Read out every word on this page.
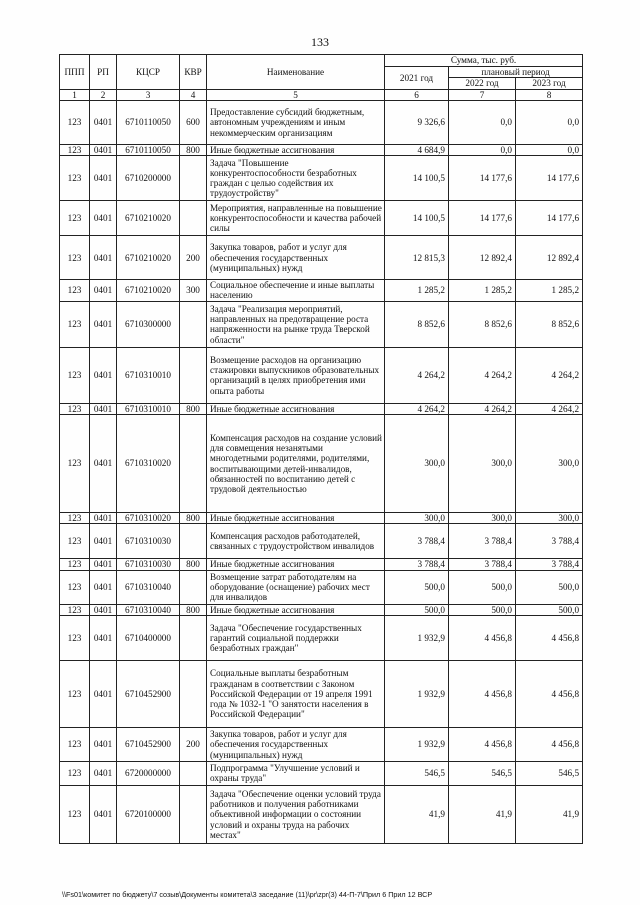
133
ППП	РП	КЦСР	КВР	Наименование	Сумма, тыс. руб.		
					2021 год	плановый период	
						2022 год	2023 год
1	2	3	4	5	6	7	8
123	0401	6710110050	600	Предоставление субсидий бюджетным, автономным учреждениям и иным некоммерческим организациям	9 326,6	0,0	0,0
123	0401	6710110050	800	Иные бюджетные ассигнования	4 684,9	0,0	0,0
123	0401	6710200000		Задача "Повышение конкурентоспособности безработных граждан с целью содействия их трудоустройству"	14 100,5	14 177,6	14 177,6
123	0401	6710210020		Мероприятия, направленные на повышение конкурентоспособности и качества рабочей силы	14 100,5	14 177,6	14 177,6
123	0401	6710210020	200	Закупка товаров, работ и услуг для обеспечения государственных (муниципальных) нужд	12 815,3	12 892,4	12 892,4
123	0401	6710210020	300	Социальное обеспечение и иные выплаты населению	1 285,2	1 285,2	1 285,2
123	0401	6710300000		Задача "Реализация мероприятий, направленных на предотвращение роста напряженности на рынке труда Тверской области"	8 852,6	8 852,6	8 852,6
123	0401	6710310010		Возмещение расходов на организацию стажировки выпускников образовательных организаций в целях приобретения ими опыта работы	4 264,2	4 264,2	4 264,2
123	0401	6710310010	800	Иные бюджетные ассигнования	4 264,2	4 264,2	4 264,2
123	0401	6710310020		Компенсация расходов на создание условий для совмещения незанятыми многодетными родителями, родителями, воспитывающими детей-инвалидов, обязанностей по воспитанию детей с трудовой деятельностью	300,0	300,0	300,0
123	0401	6710310020	800	Иные бюджетные ассигнования	300,0	300,0	300,0
123	0401	6710310030		Компенсация расходов работодателей, связанных с трудоустройством инвалидов	3 788,4	3 788,4	3 788,4
123	0401	6710310030	800	Иные бюджетные ассигнования	3 788,4	3 788,4	3 788,4
123	0401	6710310040		Возмещение затрат работодателям на оборудование (оснащение) рабочих мест для инвалидов	500,0	500,0	500,0
123	0401	6710310040	800	Иные бюджетные ассигнования	500,0	500,0	500,0
123	0401	6710400000		Задача "Обеспечение государственных гарантий социальной поддержки безработных граждан"	1 932,9	4 456,8	4 456,8
123	0401	6710452900		Социальные выплаты безработным гражданам в соответствии с Законом Российской Федерации от 19 апреля 1991 года № 1032-1 "О занятости населения в Российской Федерации"	1 932,9	4 456,8	4 456,8
123	0401	6710452900	200	Закупка товаров, работ и услуг для обеспечения государственных (муниципальных) нужд	1 932,9	4 456,8	4 456,8
123	0401	6720000000		Подпрограмма "Улучшение условий и охраны труда"	546,5	546,5	546,5
123	0401	6720100000		Задача "Обеспечение оценки условий труда работников и получения работниками объективной информации о состоянии условий и охраны труда на рабочих местах"	41,9	41,9	41,9
\\Fs01\комитет по бюджету\7 созыв\Документы комитета\3 заседание (11)\pr\zpr(3) 44-П-7\Прил 6 Прил 12 ВСР
